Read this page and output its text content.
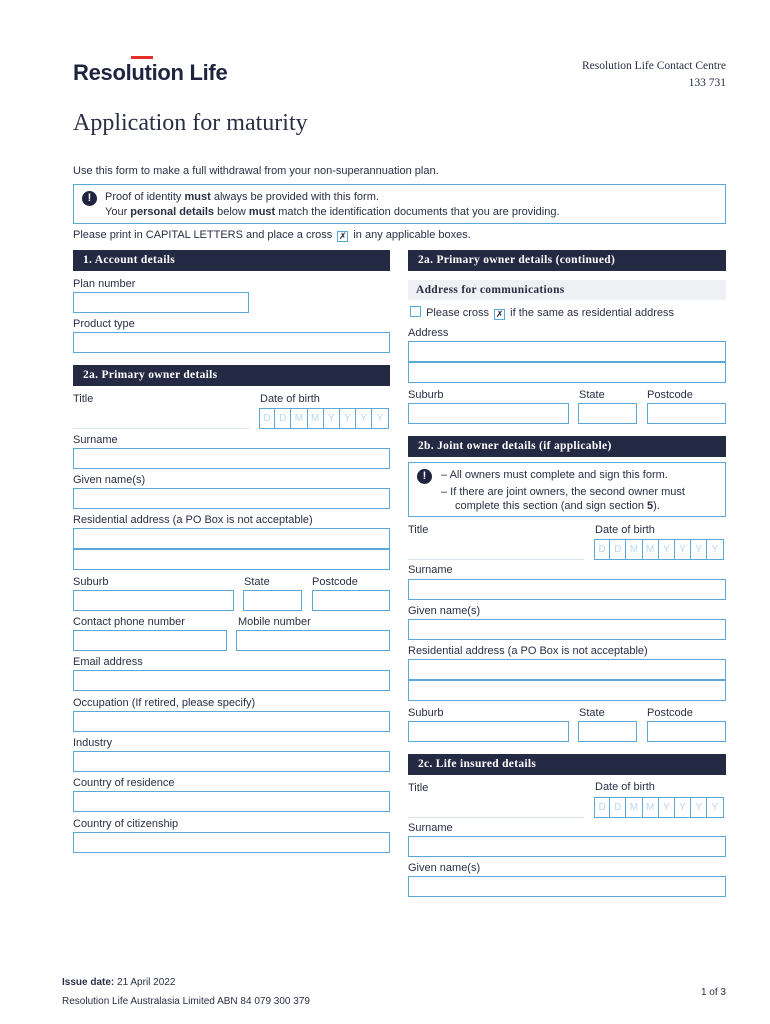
Resolution Life	Resolution Life Contact Centre
133 731
Application for maturity
Use this form to make a full withdrawal from your non-superannuation plan.
!	Proof of identity must always be provided with this form.
Your personal details below must match the identification documents that you are providing.
Please print in CAPITAL LETTERS and place a cross ✗ in any applicable boxes.
1. Account details
Plan number
Product type
2a. Primary owner details
Title	Date of birth
D D M M Y Y Y Y
Surname
Given name(s)
Residential address (a PO Box is not acceptable)
Suburb	State	Postcode
Contact phone number	Mobile number
Email address
Occupation (If retired, please specify)
Industry
Country of residence
Country of citizenship
2a. Primary owner details (continued)
Address for communications
Please cross ✗ if the same as residential address
Address
Suburb	State	Postcode
2b. Joint owner details (if applicable)
!	– All owners must complete and sign this form.
– If there are joint owners, the second owner must
complete this section (and sign section 5).
Title	Date of birth
D D M M Y Y Y Y
Surname
Given name(s)
Residential address (a PO Box is not acceptable)
Suburb	State	Postcode
2c. Life insured details
Title	Date of birth
D D M M Y Y Y Y
Surname
Given name(s)
Issue date: 21 April 2022
Resolution Life Australasia Limited ABN 84 079 300 379
1 of 3
